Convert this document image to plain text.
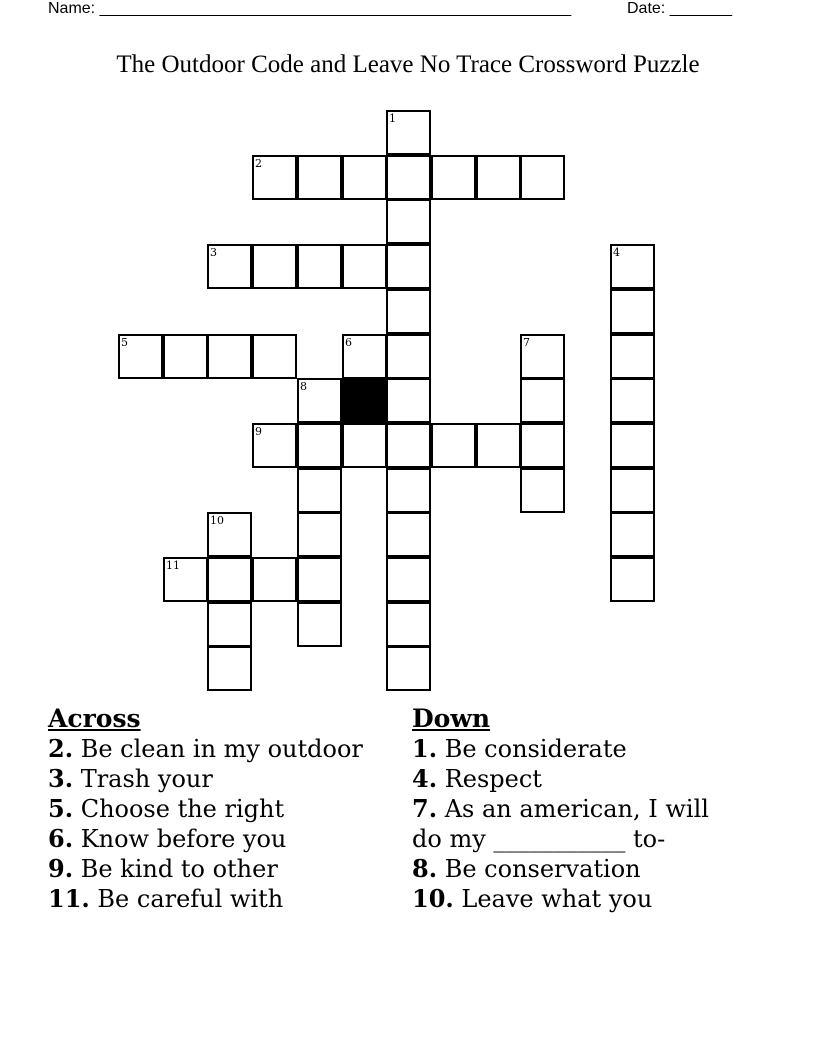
Name: _____________________________________________________	Date: _______
The Outdoor Code and Leave No Trace Crossword Puzzle
1
2
3	4
5	6	7
8
9
10
11
Across

2. Be clean in my outdoor

3. Trash your

5. Choose the right

6. Know before you

9. Be kind to other

11. Be careful with

Down

1. Be considerate

4. Respect

7. As an american, I will do my ___________ to-

8. Be conservation

10. Leave what you
